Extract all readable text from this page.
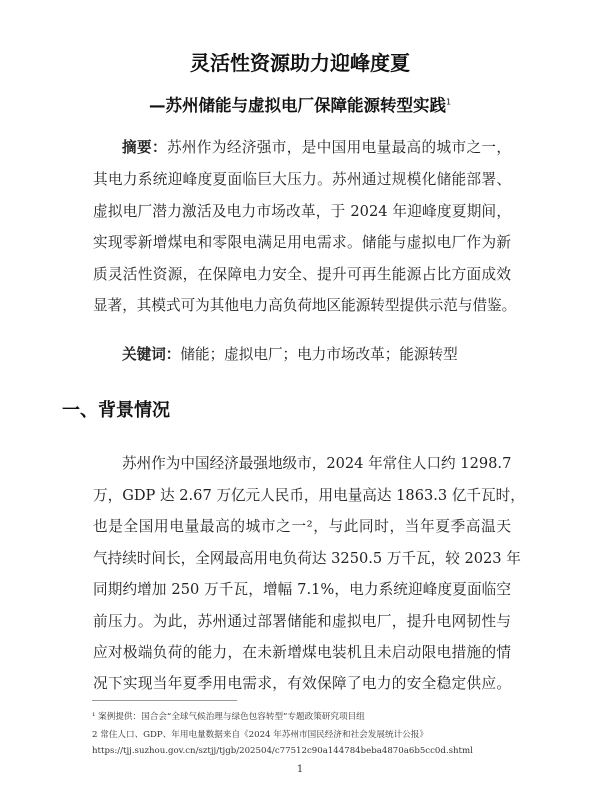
灵活性资源助力迎峰度夏
—苏州储能与虚拟电厂保障能源转型实践$^1$
摘要：苏州作为经济强市，是中国用电量最高的城市之一，
其电力系统迎峰度夏面临巨大压力。苏州通过规模化储能部署、
虚拟电厂潜力激活及电力市场改革，于 2024 年迎峰度夏期间，
实现零新增煤电和零限电满足用电需求。储能与虚拟电厂作为新
质灵活性资源，在保障电力安全、提升可再生能源占比方面成效
显著，其模式可为其他电力高负荷地区能源转型提供示范与借鉴。
关键词：储能；虚拟电厂；电力市场改革；能源转型
一、背景情况
¹ 案例提供：国合会“全球气候治理与绿色包容转型”专题政策研究项目组
2 常住人口、GDP、年用电量数据来自《2024 年苏州市国民经济和社会发展统计公报》
https://tjj.suzhou.gov.cn/sztjj/tjgb/202504/c77512c90a144784beba4870a6b5cc0d.shtml
1
苏州作为中国经济最强地级市，2024 年常住人口约 1298.7
万，GDP 达 2.67 万亿元人民币，用电量高达 1863.3 亿千瓦时，
也是全国用电量最高的城市之一²，与此同时，当年夏季高温天
气持续时间长，全网最高用电负荷达 3250.5 万千瓦，较 2023 年
同期约增加 250 万千瓦，增幅 7.1%，电力系统迎峰度夏面临空
前压力。为此，苏州通过部署储能和虚拟电厂，提升电网韧性与
应对极端负荷的能力，在未新增煤电装机且未启动限电措施的情
况下实现当年夏季用电需求，有效保障了电力的安全稳定供应。
